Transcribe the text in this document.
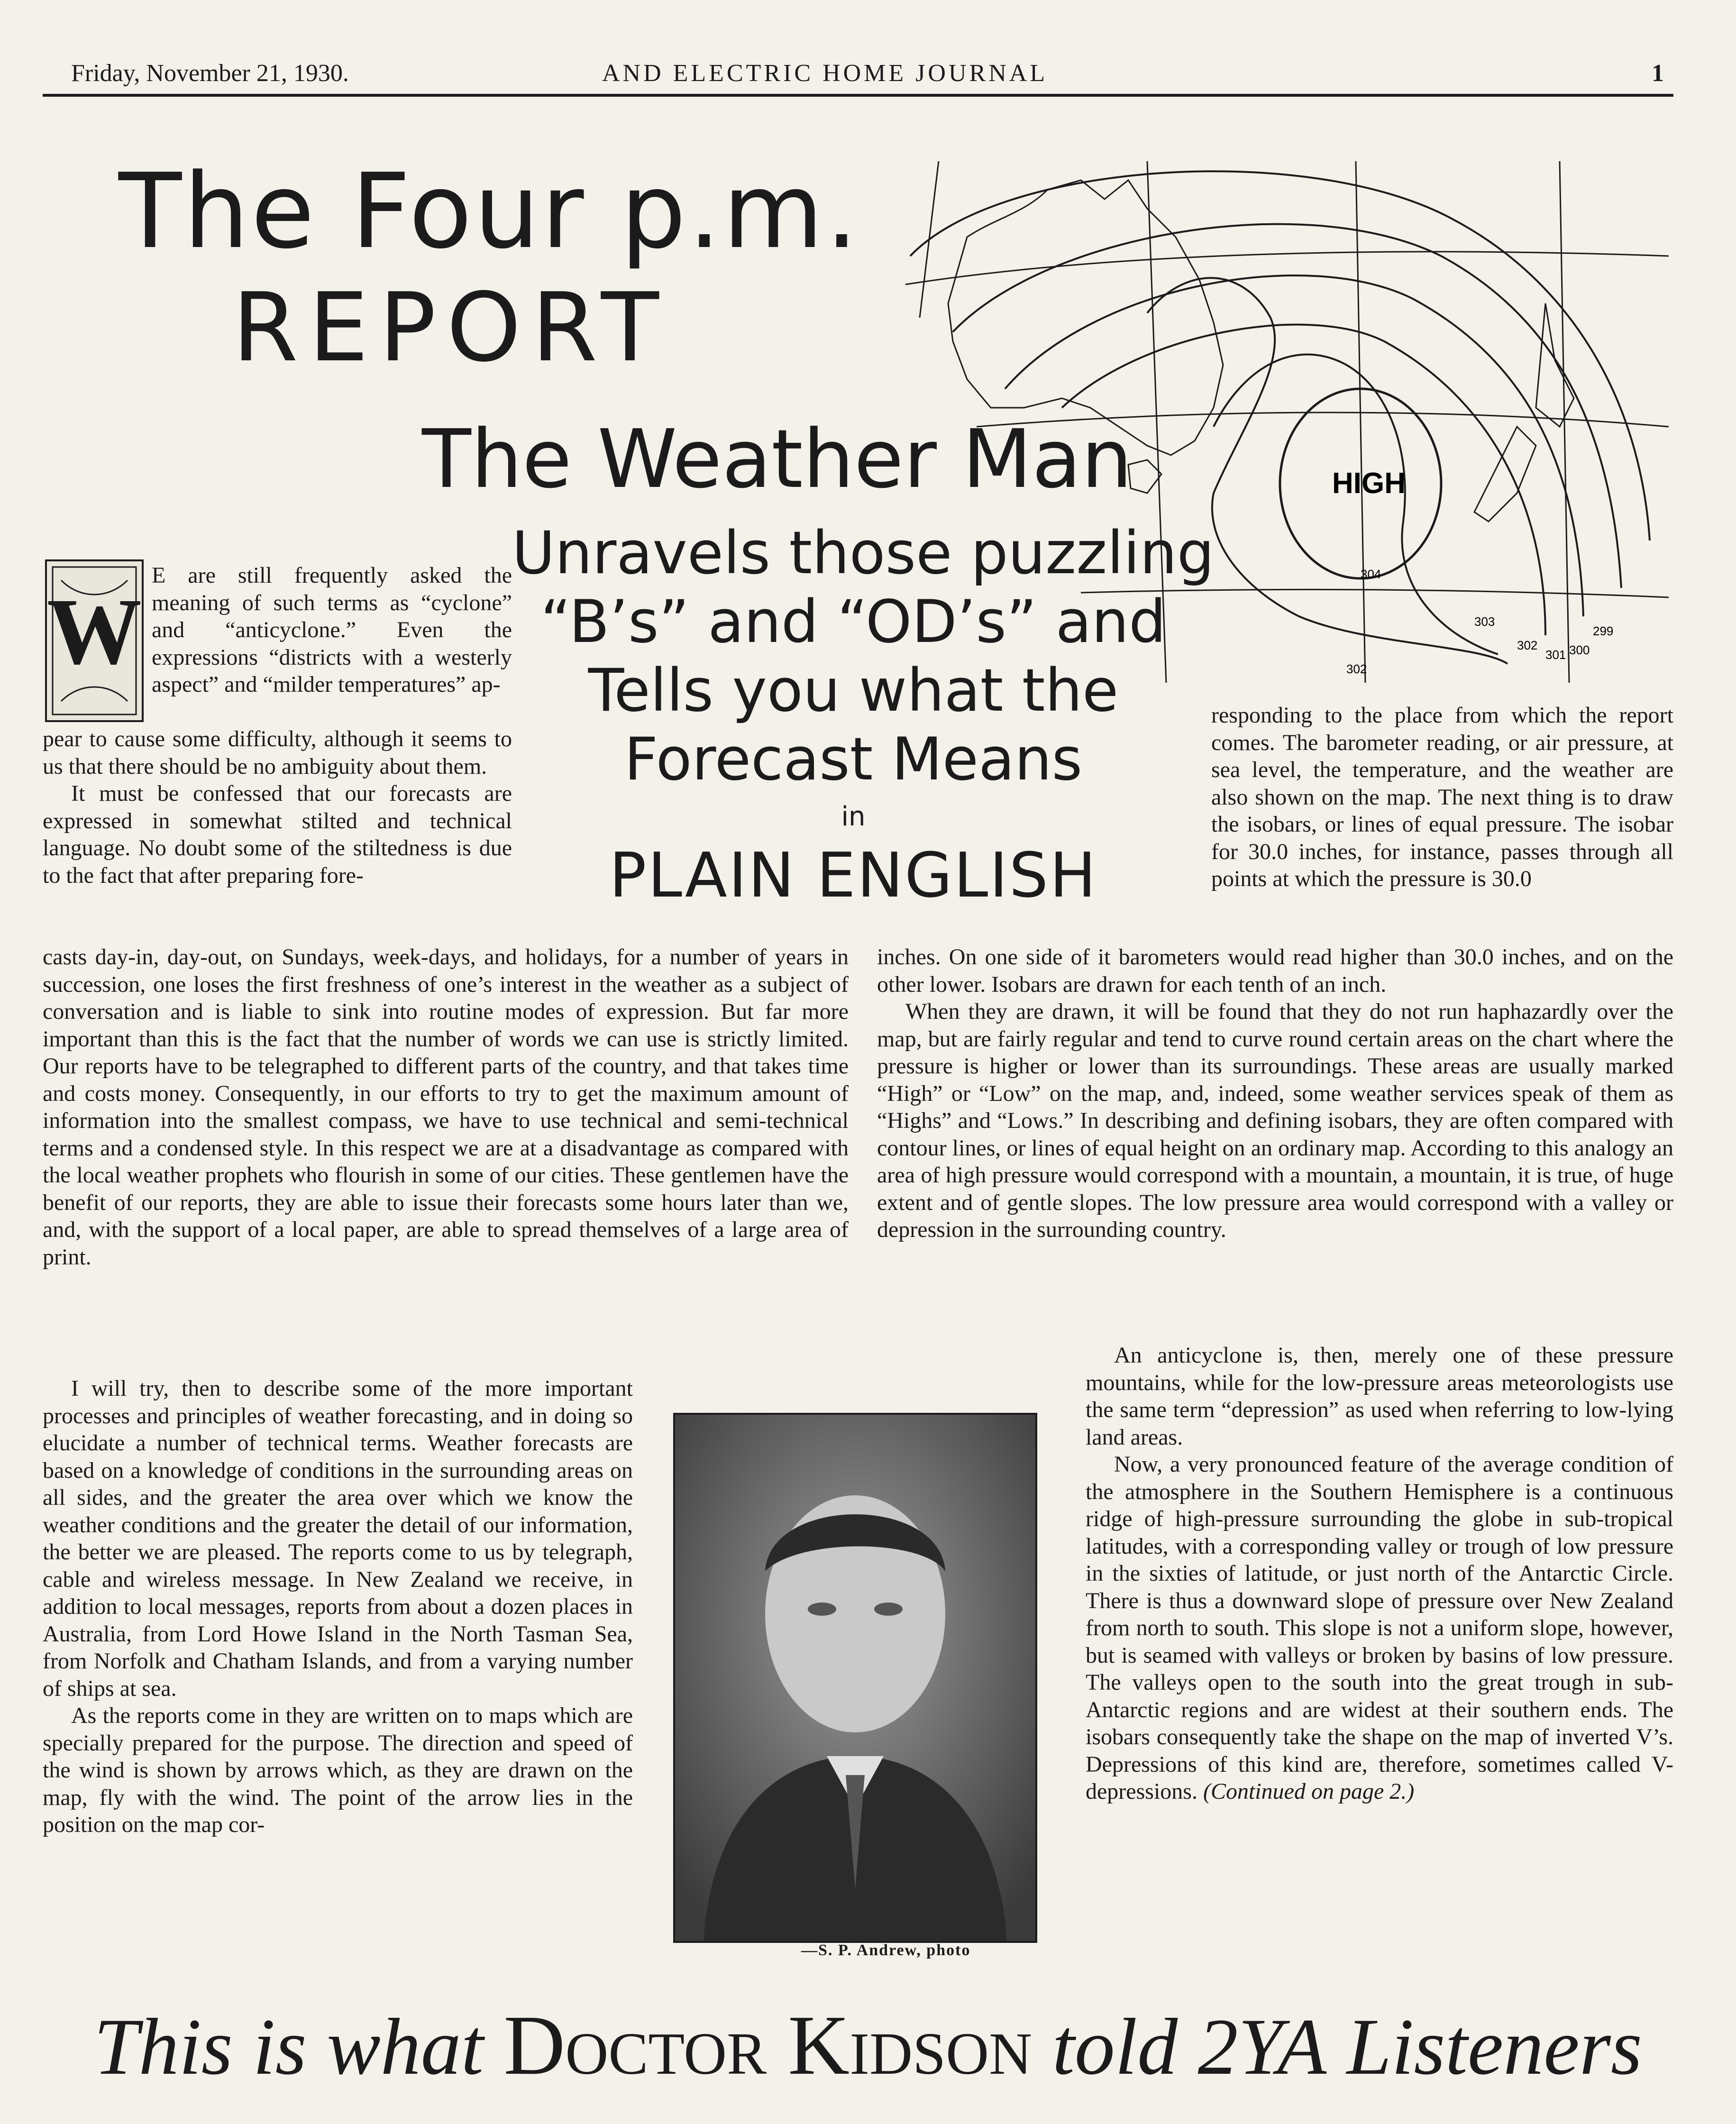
Friday, November 21, 1930.	AND ELECTRIC HOME JOURNAL	1
The Four p.m.
REPORT
The Weather Man
Unravels those puzzling
“B’s” and “OD’s” and
Tells you what the
Forecast Means
in
PLAIN ENGLISH
HIGH
304
303
302
301 300
299
302
W

E are still frequently asked the meaning of such terms as “cyclone” and “anticyclone.” Even the expressions “districts with a westerly aspect” and “milder temperatures” ap-

pear to cause some difficulty, although it seems to us that there should be no ambiguity about them.

It must be confessed that our forecasts are expressed in somewhat stilted and technical language. No doubt some of the stiltedness is due to the fact that after preparing fore-

responding to the place from which the report comes. The barometer reading, or air pressure, at sea level, the temperature, and the weather are also shown on the map. The next thing is to draw the isobars, or lines of equal pressure. The isobar for 30.0 inches, for instance, passes through all points at which the pressure is 30.0

casts day-in, day-out, on Sundays, week-days, and holidays, for a number of years in succession, one loses the first freshness of one’s interest in the weather as a subject of conversation and is liable to sink into routine modes of expression. But far more important than this is the fact that the number of words we can use is strictly limited. Our reports have to be telegraphed to different parts of the country, and that takes time and costs money. Consequently, in our efforts to try to get the maximum amount of information into the smallest compass, we have to use technical and semi-technical terms and a condensed style. In this respect we are at a disadvantage as compared with the local weather prophets who flourish in some of our cities. These gentlemen have the benefit of our reports, they are able to issue their forecasts some hours later than we, and, with the support of a local paper, are able to spread themselves of a large area of print.

inches. On one side of it barometers would read higher than 30.0 inches, and on the other lower. Isobars are drawn for each tenth of an inch.

When they are drawn, it will be found that they do not run haphazardly over the map, but are fairly regular and tend to curve round certain areas on the chart where the pressure is higher or lower than its surroundings. These areas are usually marked “High” or “Low” on the map, and, indeed, some weather services speak of them as “Highs” and “Lows.” In describing and defining isobars, they are often compared with contour lines, or lines of equal height on an ordinary map. According to this analogy an area of high pressure would correspond with a mountain, a mountain, it is true, of huge extent and of gentle slopes. The low pressure area would correspond with a valley or depression in the surrounding country.

I will try, then to describe some of the more important processes and principles of weather forecasting, and in doing so elucidate a number of technical terms. Weather forecasts are based on a knowledge of conditions in the surrounding areas on all sides, and the greater the area over which we know the weather conditions and the greater the detail of our information, the better we are pleased. The reports come to us by telegraph, cable and wireless message. In New Zealand we receive, in addition to local messages, reports from about a dozen places in Australia, from Lord Howe Island in the North Tasman Sea, from Norfolk and Chatham Islands, and from a varying number of ships at sea.

As the reports come in they are written on to maps which are specially prepared for the purpose. The direction and speed of the wind is shown by arrows which, as they are drawn on the map, fly with the wind. The point of the arrow lies in the position on the map cor-

An anticyclone is, then, merely one of these pressure mountains, while for the low-pressure areas meteorologists use the same term “depression” as used when referring to low-lying land areas.

Now, a very pronounced feature of the average condition of the atmosphere in the Southern Hemisphere is a continuous ridge of high-pressure surrounding the globe in sub-tropical latitudes, with a corresponding valley or trough of low pressure in the sixties of latitude, or just north of the Antarctic Circle. There is thus a downward slope of pressure over New Zealand from north to south. This slope is not a uniform slope, however, but is seamed with valleys or broken by basins of low pressure. The valleys open to the south into the great trough in sub-Antarctic regions and are widest at their southern ends. The isobars consequently take the shape on the map of inverted V’s. Depressions of this kind are, therefore, sometimes called V-depressions. (Continued on page 2.)

—S. P. Andrew, photo
This is what Doctor Kidson told 2YA Listeners
